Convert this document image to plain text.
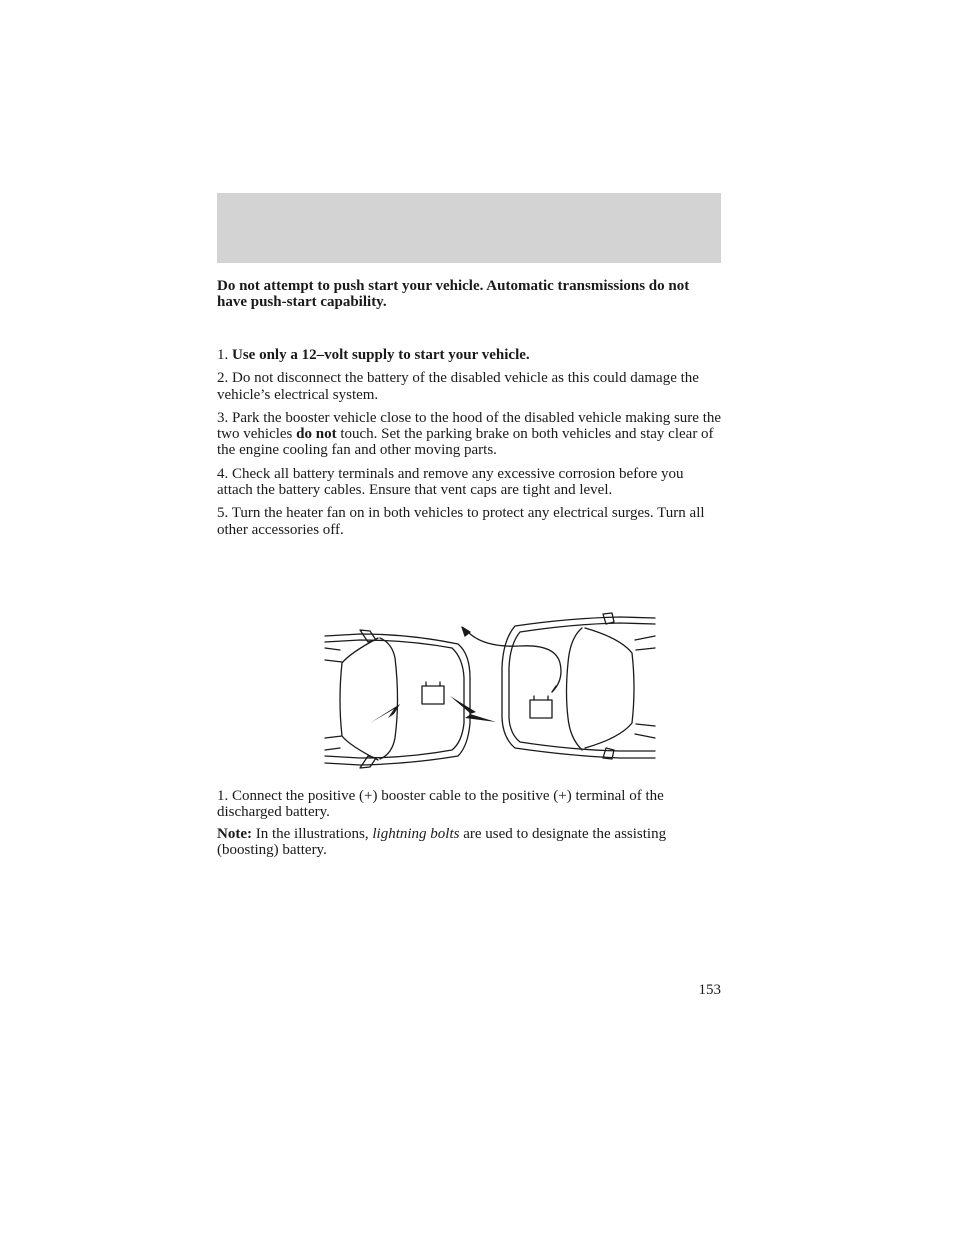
Do not attempt to push start your vehicle. Automatic transmissions do not have push-start capability.

1. Use only a 12–volt supply to start your vehicle.

2. Do not disconnect the battery of the disabled vehicle as this could damage the vehicle’s electrical system.

3. Park the booster vehicle close to the hood of the disabled vehicle making sure the two vehicles do not touch. Set the parking brake on both vehicles and stay clear of the engine cooling fan and other moving parts.

4. Check all battery terminals and remove any excessive corrosion before you attach the battery cables. Ensure that vent caps are tight and level.

5. Turn the heater fan on in both vehicles to protect any electrical surges. Turn all other accessories off.

1. Connect the positive (+) booster cable to the positive (+) terminal of the discharged battery.

Note: In the illustrations, lightning bolts are used to designate the assisting (boosting) battery.

153
